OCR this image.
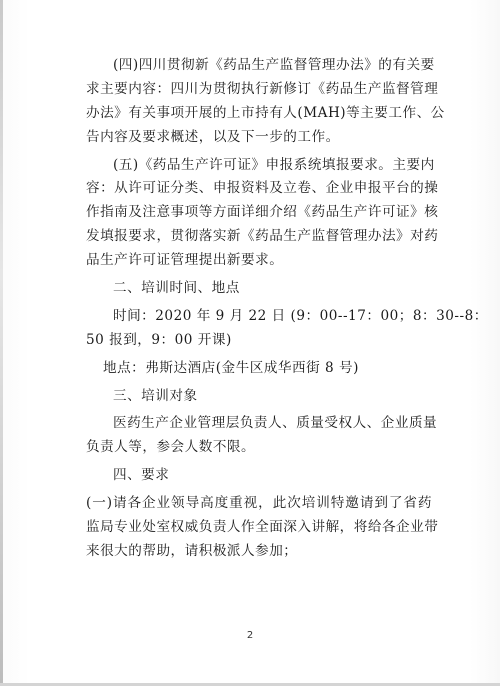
(四)四川贯彻新《药品生产监督管理办法》的有关要
求主要内容：四川为贯彻执行新修订《药品生产监督管理
办法》有关事项开展的上市持有人(MAH)等主要工作、公
告内容及要求概述，以及下一步的工作。
(五)《药品生产许可证》申报系统填报要求。主要内
容：从许可证分类、申报资料及立卷、企业申报平台的操
作指南及注意事项等方面详细介绍《药品生产许可证》核
发填报要求，贯彻落实新《药品生产监督管理办法》对药
品生产许可证管理提出新要求。
二、培训时间、地点
时间：2020 年 9 月 22 日 (9：00--17：00；8：30--8：
50 报到，9：00 开课)
地点：弗斯达酒店(金牛区成华西街 8 号)
三、培训对象
医药生产企业管理层负责人、质量受权人、企业质量
负责人等，参会人数不限。
四、要求
(一)请各企业领导高度重视，此次培训特邀请到了省药
监局专业处室权威负责人作全面深入讲解，将给各企业带
来很大的帮助，请积极派人参加；
2
